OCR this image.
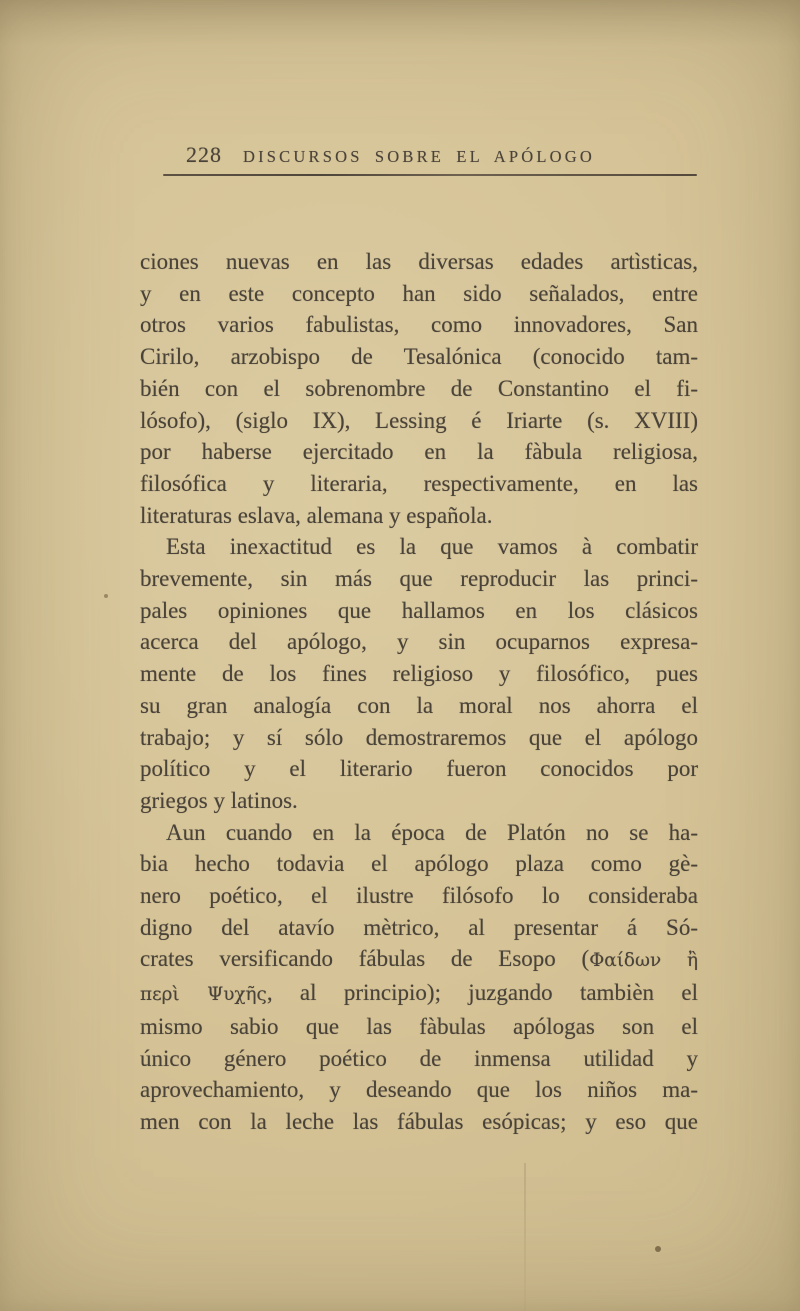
228	DISCURSOS SOBRE EL APÓLOGO
ciones nuevas en las diversas edades artìsticas,
y en este concepto han sido señalados, entre
otros varios fabulistas, como innovadores, San
Cirilo, arzobispo de Tesalónica (conocido tam-
bién con el sobrenombre de Constantino el fi-
lósofo), (siglo IX), Lessing é Iriarte (s. XVIII)
por haberse ejercitado en la fàbula religiosa,
filosófica y literaria, respectivamente, en las
literaturas eslava, alemana y española.
Esta inexactitud es la que vamos à combatir
brevemente, sin más que reproducir las princi-
pales opiniones que hallamos en los clásicos
acerca del apólogo, y sin ocuparnos expresa-
mente de los fines religioso y filosófico, pues
su gran analogía con la moral nos ahorra el
trabajo; y sí sólo demostraremos que el apólogo
político y el literario fueron conocidos por
griegos y latinos.
Aun cuando en la época de Platón no se ha-
bia hecho todavia el apólogo plaza como gè-
nero poético, el ilustre filósofo lo consideraba
digno del atavío mètrico, al presentar á Só-
crates versificando fábulas de Esopo (Φαίδων ἢ
περὶ Ψυχῆς, al principio); juzgando tambièn el
mismo sabio que las fàbulas apólogas son el
único género poético de inmensa utilidad y
aprovechamiento, y deseando que los niños ma-
men con la leche las fábulas esópicas; y eso que
